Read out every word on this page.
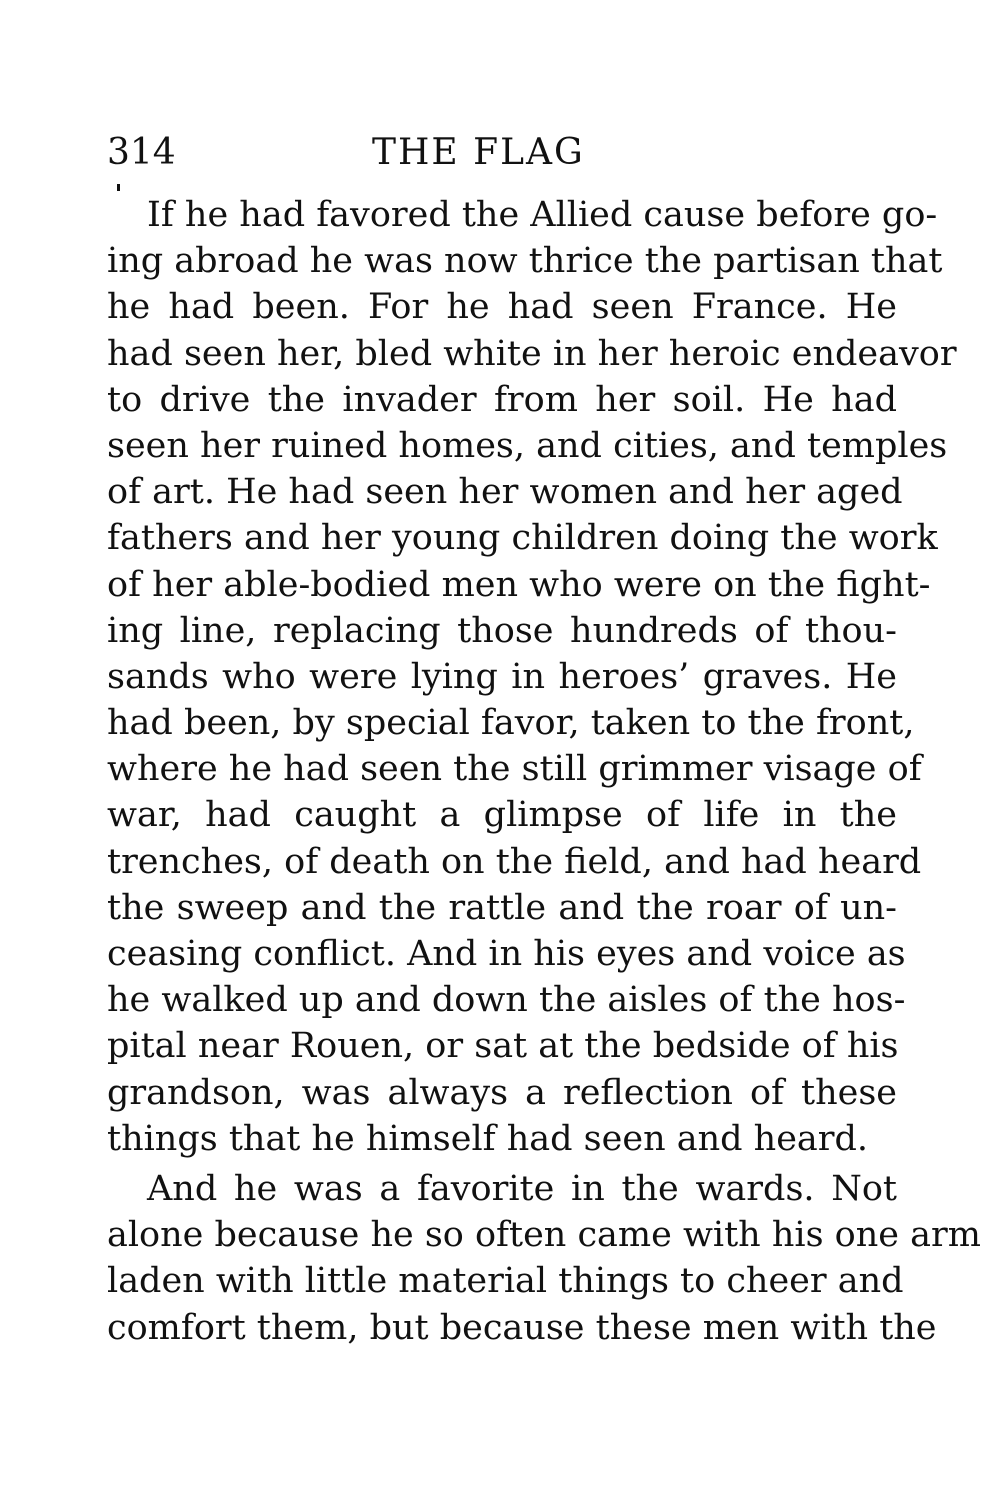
314	THE FLAG
If he had favored the Allied cause before go-
ing abroad he was now thrice the partisan that
he had been. For he had seen France. He
had seen her, bled white in her heroic endeavor
to drive the invader from her soil. He had
seen her ruined homes, and cities, and temples
of art. He had seen her women and her aged
fathers and her young children doing the work
of her able-bodied men who were on the fight-
ing line, replacing those hundreds of thou-
sands who were lying in heroes’ graves. He
had been, by special favor, taken to the front,
where he had seen the still grimmer visage of
war, had caught a glimpse of life in the
trenches, of death on the field, and had heard
the sweep and the rattle and the roar of un-
ceasing conflict. And in his eyes and voice as
he walked up and down the aisles of the hos-
pital near Rouen, or sat at the bedside of his
grandson, was always a reflection of these
things that he himself had seen and heard.
And he was a favorite in the wards. Not
alone because he so often came with his one arm
laden with little material things to cheer and
comfort them, but because these men with the
